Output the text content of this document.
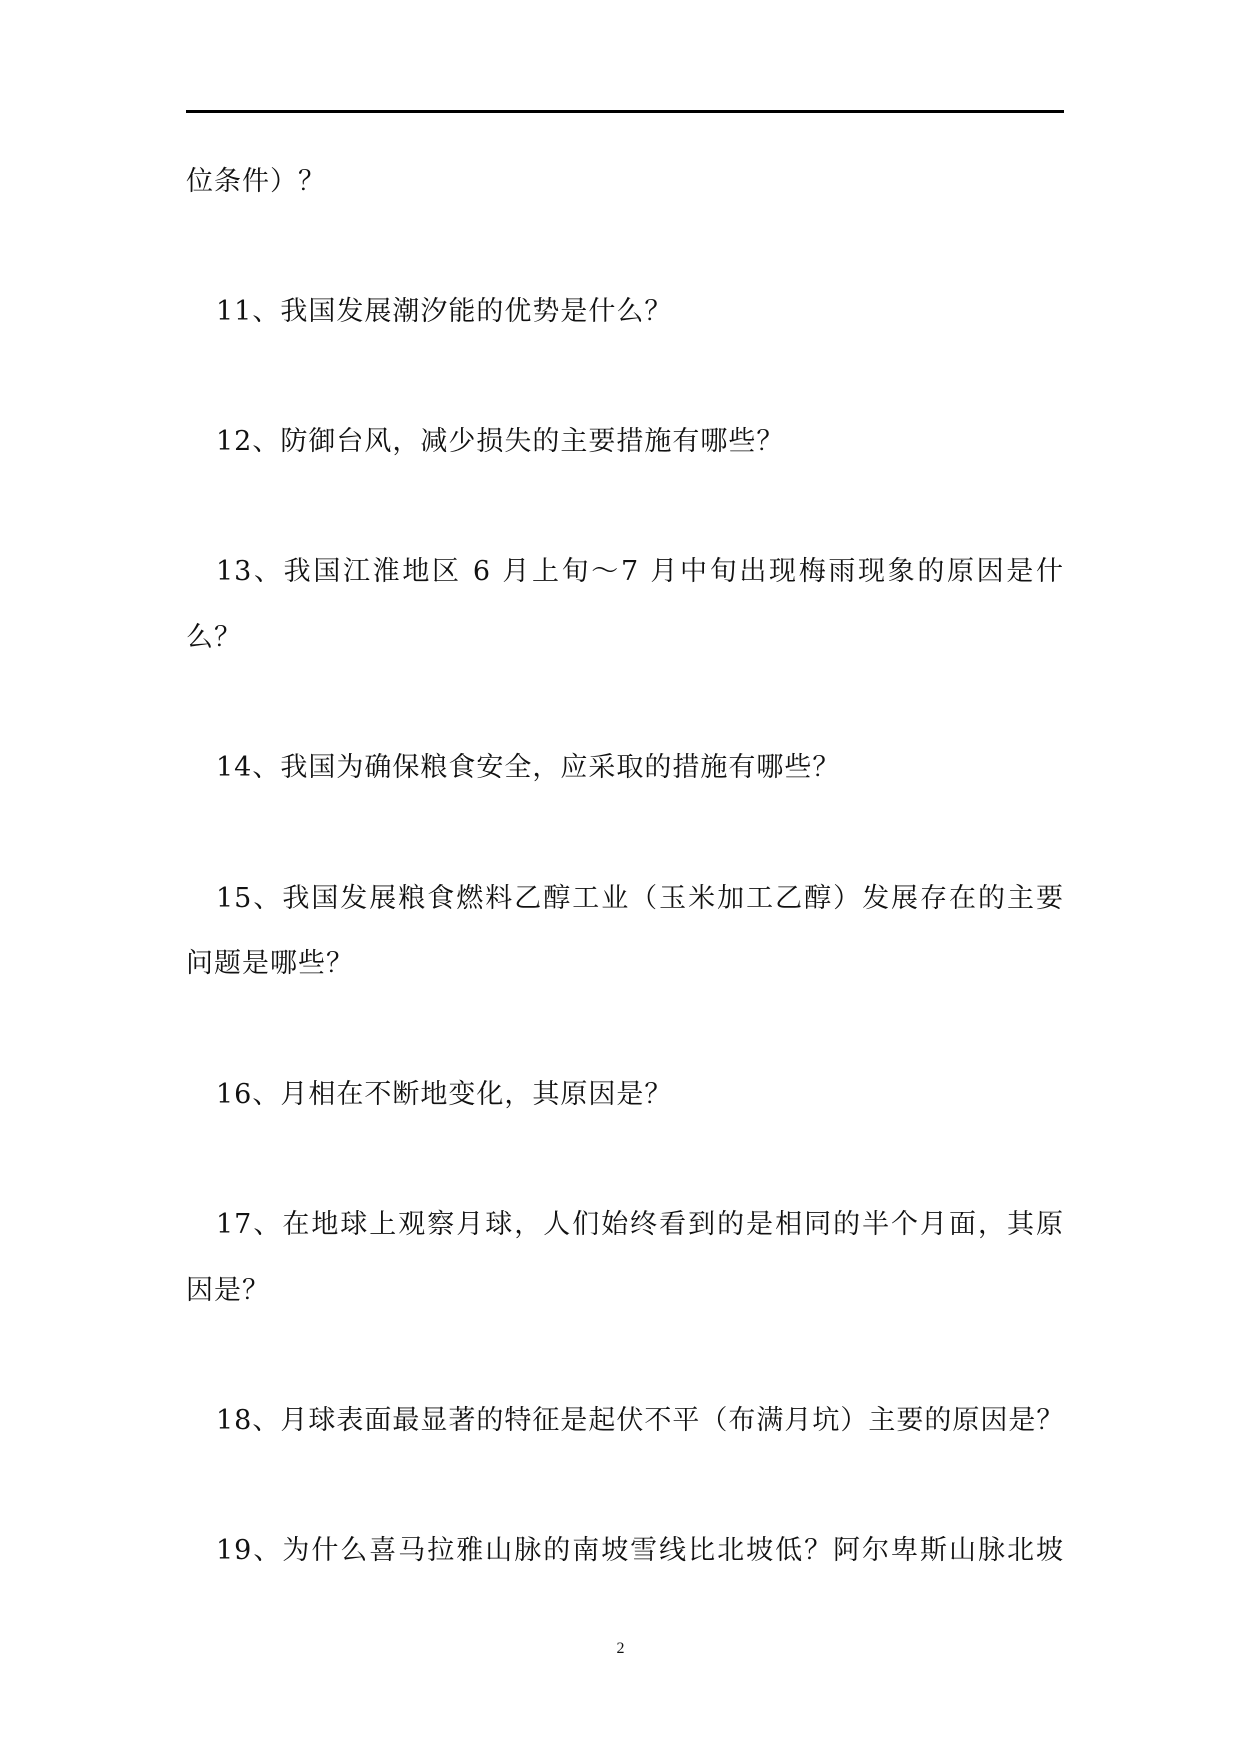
位条件）？
11、我国发展潮汐能的优势是什么？
12、防御台风，减少损失的主要措施有哪些？
13、我国江淮地区 6 月上旬～7 月中旬出现梅雨现象的原因是什
么？
14、我国为确保粮食安全，应采取的措施有哪些？
15、我国发展粮食燃料乙醇工业（玉米加工乙醇）发展存在的主要
问题是哪些？
16、月相在不断地变化，其原因是？
17、在地球上观察月球，人们始终看到的是相同的半个月面，其原
因是？
18、月球表面最显著的特征是起伏不平（布满月坑）主要的原因是？
19、为什么喜马拉雅山脉的南坡雪线比北坡低？阿尔卑斯山脉北坡
2
